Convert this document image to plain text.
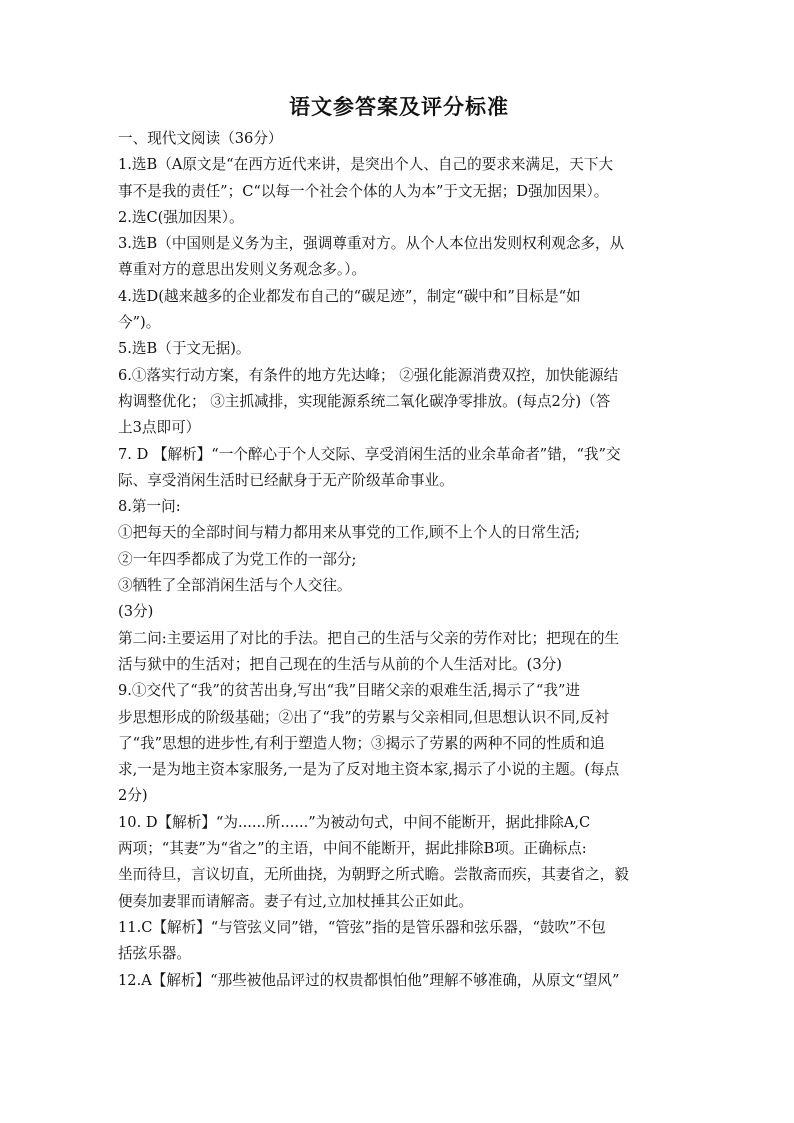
语文参答案及评分标准

一、现代文阅读（36分）

1.选B（A原文是“在西方近代来讲，是突出个人、自己的要求来满足，天下大

事不是我的责任”；C“以每一个社会个体的人为本”于文无据；D强加因果）。

2.选C(强加因果）。

3.选B（中国则是义务为主，强调尊重对方。从个人本位出发则权利观念多，从

尊重对方的意思出发则义务观念多。）。

4.选D(越来越多的企业都发布自己的“碳足迹”，制定“碳中和”目标是“如

今”)。

5.选B（于文无据)。

6.①落实行动方案，有条件的地方先达峰； ②强化能源消费双控，加快能源结

构调整优化； ③主抓减排，实现能源系统二氧化碳净零排放。(每点2分)（答

上3点即可）

7. D 【解析】“一个醉心于个人交际、享受消闲生活的业余革命者”错，“我”交

际、享受消闲生活时已经献身于无产阶级革命事业。

8.第一问:

①把每天的全部时间与精力都用来从事党的工作,顾不上个人的日常生活;

②一年四季都成了为党工作的一部分;

③牺牲了全部消闲生活与个人交往。

(3分)

第二问:主要运用了对比的手法。把自己的生活与父亲的劳作对比；把现在的生

活与狱中的生活对；把自己现在的生活与从前的个人生活对比。(3分)

9.①交代了“我”的贫苦出身,写出“我”目睹父亲的艰难生活,揭示了“我”进

步思想形成的阶级基础；②出了“我”的劳累与父亲相同,但思想认识不同,反衬

了“我”思想的进步性,有利于塑造人物；③揭示了劳累的两种不同的性质和追

求,一是为地主资本家服务,一是为了反对地主资本家,揭示了小说的主题。(每点

2分)

10. D【解析】“为......所......”为被动句式，中间不能断开，据此排除A,C

两项；“其妻”为“省之”的主语，中间不能断开，据此排除B项。正确标点:

坐而待旦，言议切直，无所曲挠，为朝野之所式瞻。尝散斋而疾，其妻省之，毅

便奏加妻罪而请解斋。妻子有过,立加杖捶其公正如此。

11.C【解析】“与管弦义同”错，“管弦”指的是管乐器和弦乐器，“鼓吹”不包

括弦乐器。

12.A【解析】“那些被他品评过的权贵都惧怕他”理解不够准确，从原文“望风”
